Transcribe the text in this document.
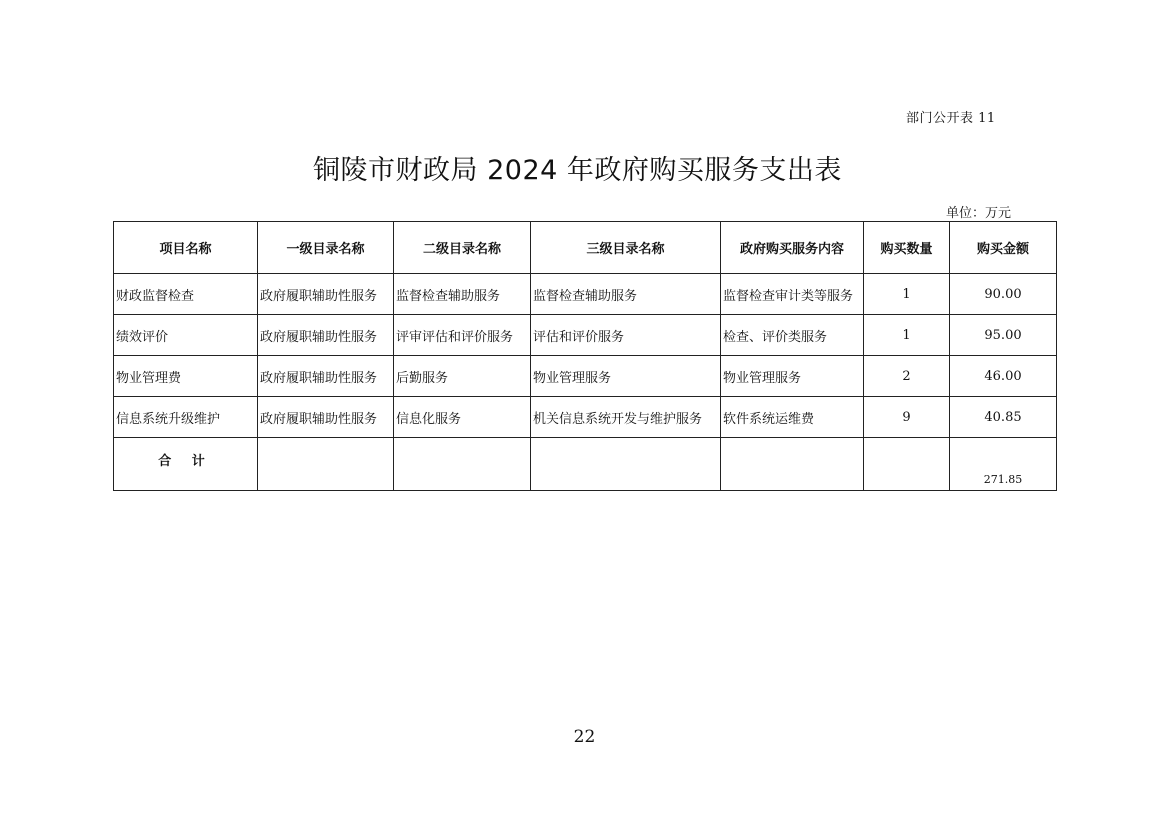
部门公开表 11
铜陵市财政局 2024 年政府购买服务支出表
单位：万元
项目名称	一级目录名称	二级目录名称	三级目录名称	政府购买服务内容	购买数量	购买金额
财政监督检查	政府履职辅助性服务	监督检查辅助服务	监督检查辅助服务	监督检查审计类等服务	1	90.00
绩效评价	政府履职辅助性服务	评审评估和评价服务	评估和评价服务	检查、评价类服务	1	95.00
物业管理费	政府履职辅助性服务	后勤服务	物业管理服务	物业管理服务	2	46.00
信息系统升级维护	政府履职辅助性服务	信息化服务	机关信息系统开发与维护服务	软件系统运维费	9	40.85
合 计						271.85
22
